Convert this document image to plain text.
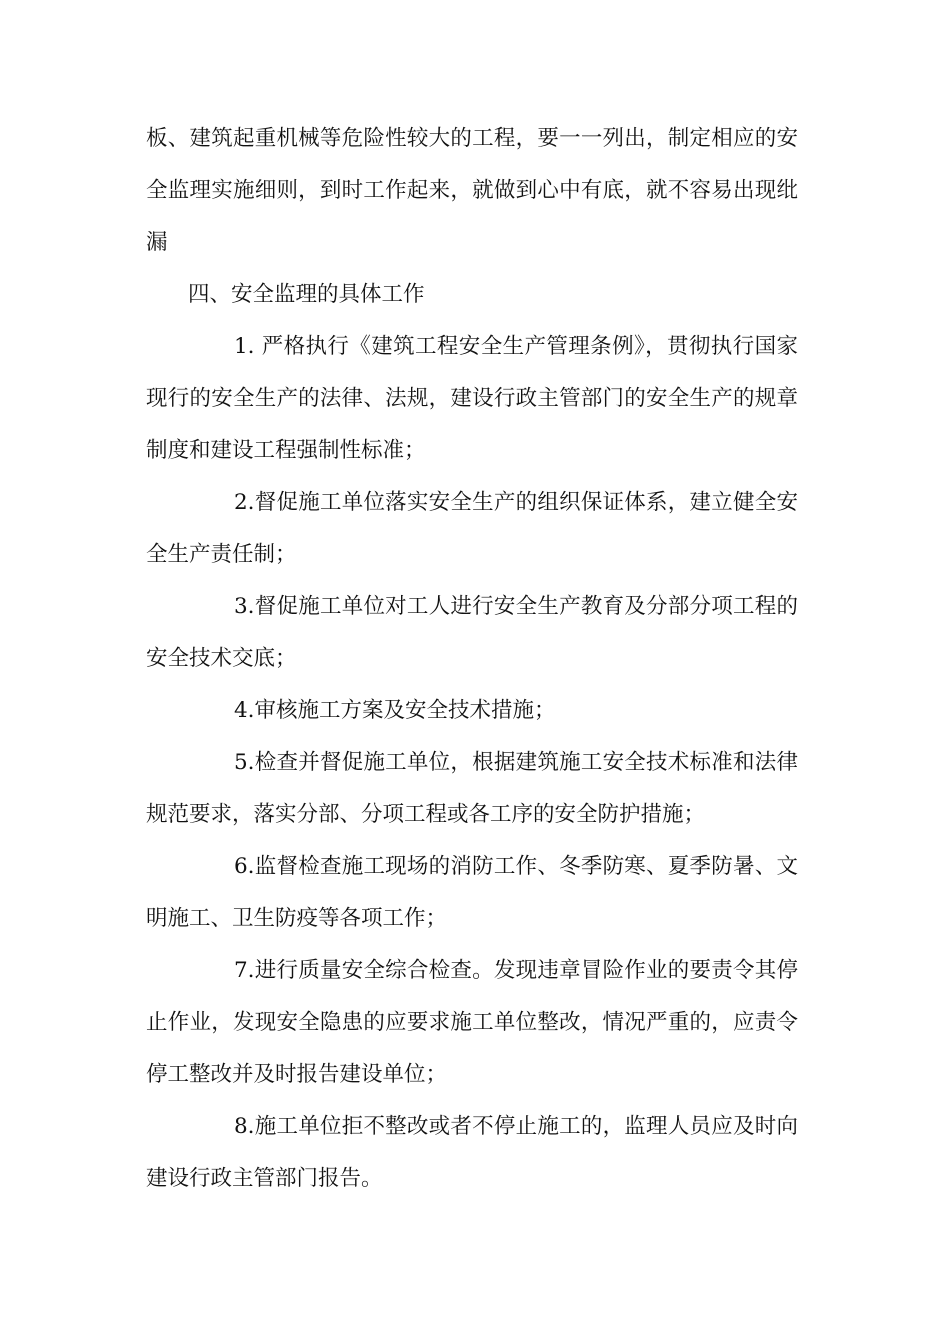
板、建筑起重机械等危险性较大的工程，要一一列出，制定相应的安全监理实施细则，到时工作起来，就做到心中有底，就不容易出现纰漏

四、安全监理的具体工作

1. 严格执行《建筑工程安全生产管理条例》，贯彻执行国家现行的安全生产的法律、法规，建设行政主管部门的安全生产的规章制度和建设工程强制性标准；

2.督促施工单位落实安全生产的组织保证体系，建立健全安全生产责任制；

3.督促施工单位对工人进行安全生产教育及分部分项工程的安全技术交底；

4.审核施工方案及安全技术措施；

5.检查并督促施工单位，根据建筑施工安全技术标准和法律规范要求，落实分部、分项工程或各工序的安全防护措施；

6.监督检查施工现场的消防工作、冬季防寒、夏季防暑、文明施工、卫生防疫等各项工作；

7.进行质量安全综合检查。发现违章冒险作业的要责令其停止作业，发现安全隐患的应要求施工单位整改，情况严重的，应责令停工整改并及时报告建设单位；

8.施工单位拒不整改或者不停止施工的，监理人员应及时向建设行政主管部门报告。
